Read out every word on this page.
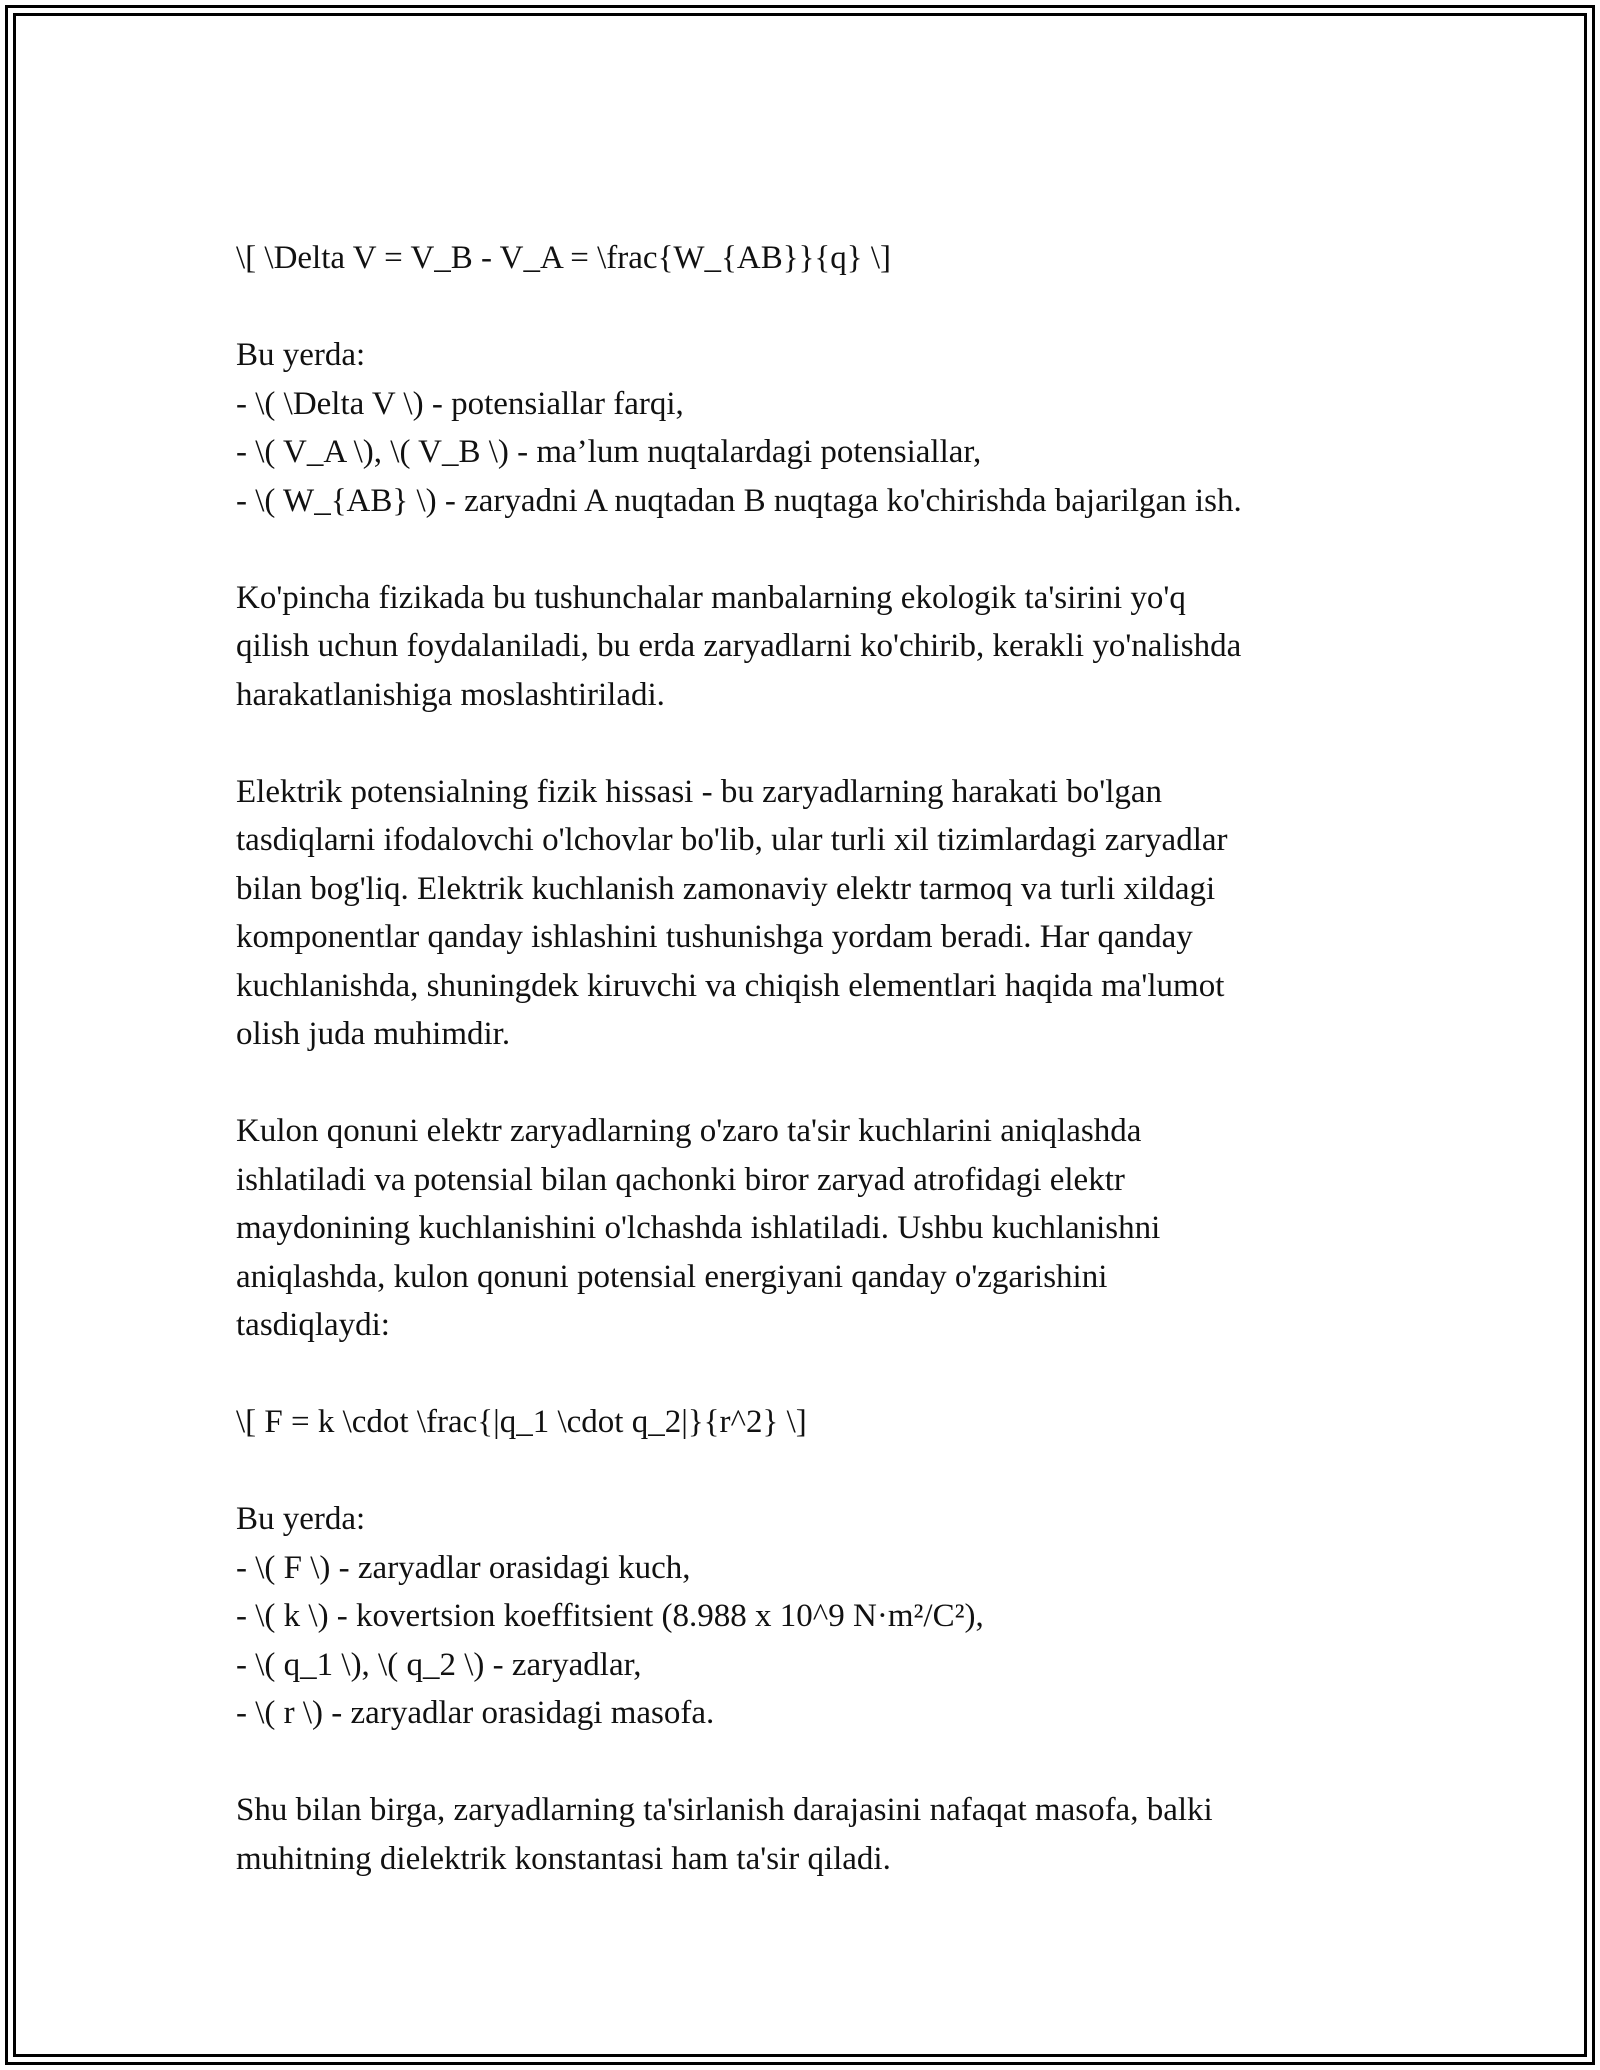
\[ \Delta V = V_B - V_A = \frac{W_{AB}}{q} \]

Bu yerda:
- \( \Delta V \) - potensiallar farqi,
- \( V_A \), \( V_B \) - ma’lum nuqtalardagi potensiallar,
- \( W_{AB} \) - zaryadni A nuqtadan B nuqtaga ko'chirishda bajarilgan ish.

Ko'pincha fizikada bu tushunchalar manbalarning ekologik ta'sirini yo'q
qilish uchun foydalaniladi, bu erda zaryadlarni ko'chirib, kerakli yo'nalishda
harakatlanishiga moslashtiriladi.

Elektrik potensialning fizik hissasi - bu zaryadlarning harakati bo'lgan
tasdiqlarni ifodalovchi o'lchovlar bo'lib, ular turli xil tizimlardagi zaryadlar
bilan bog'liq. Elektrik kuchlanish zamonaviy elektr tarmoq va turli xildagi
komponentlar qanday ishlashini tushunishga yordam beradi. Har qanday
kuchlanishda, shuningdek kiruvchi va chiqish elementlari haqida ma'lumot
olish juda muhimdir.

Kulon qonuni elektr zaryadlarning o'zaro ta'sir kuchlarini aniqlashda
ishlatiladi va potensial bilan qachonki biror zaryad atrofidagi elektr
maydonining kuchlanishini o'lchashda ishlatiladi. Ushbu kuchlanishni
aniqlashda, kulon qonuni potensial energiyani qanday o'zgarishini
tasdiqlaydi:

\[ F = k \cdot \frac{|q_1 \cdot q_2|}{r^2} \]

Bu yerda:
- \( F \) - zaryadlar orasidagi kuch,
- \( k \) - kovertsion koeffitsient (8.988 x 10^9 N·m²/C²),
- \( q_1 \), \( q_2 \) - zaryadlar,
- \( r \) - zaryadlar orasidagi masofa.

Shu bilan birga, zaryadlarning ta'sirlanish darajasini nafaqat masofa, balki
muhitning dielektrik konstantasi ham ta'sir qiladi.
